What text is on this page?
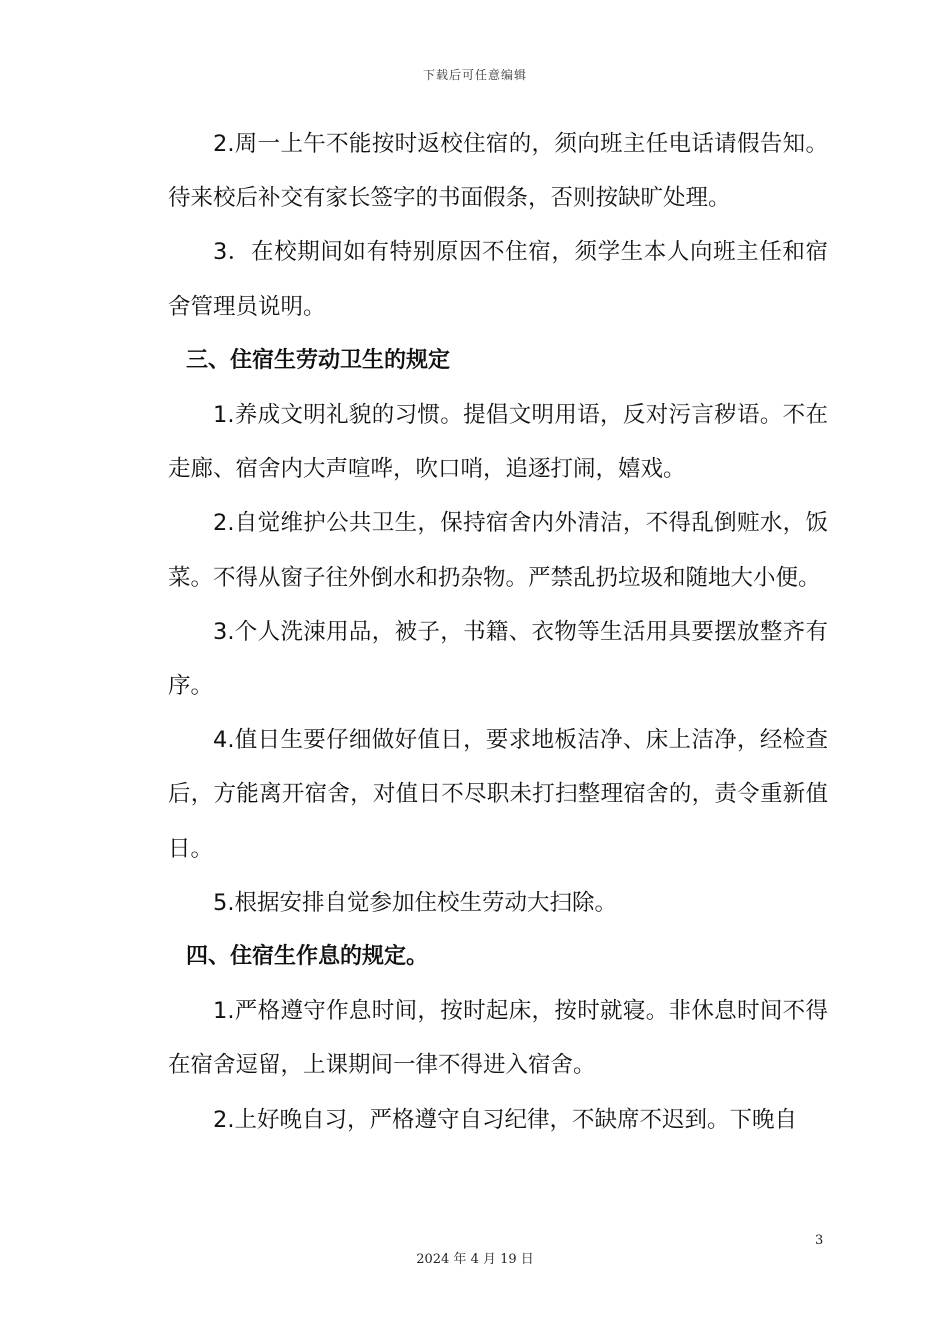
下载后可任意编辑

2.周一上午不能按时返校住宿的，须向班主任电话请假告知。待来校后补交有家长签字的书面假条，否则按缺旷处理。

3．在校期间如有特别原因不住宿，须学生本人向班主任和宿舍管理员说明。

三、住宿生劳动卫生的规定

1.养成文明礼貌的习惯。提倡文明用语，反对污言秽语。不在走廊、宿舍内大声喧哗，吹口哨，追逐打闹，嬉戏。

2.自觉维护公共卫生，保持宿舍内外清洁，不得乱倒赃水，饭菜。不得从窗子往外倒水和扔杂物。严禁乱扔垃圾和随地大小便。

3.个人洗涑用品，被子，书籍、衣物等生活用具要摆放整齐有序。

4.值日生要仔细做好值日，要求地板洁净、床上洁净，经检查后，方能离开宿舍，对值日不尽职未打扫整理宿舍的，责令重新值日。

5.根据安排自觉参加住校生劳动大扫除。

四、住宿生作息的规定。

1.严格遵守作息时间，按时起床，按时就寝。非休息时间不得在宿舍逗留，上课期间一律不得进入宿舍。

2.上好晚自习，严格遵守自习纪律，不缺席不迟到。下晚自

3
2024 年 4 月 19 日
